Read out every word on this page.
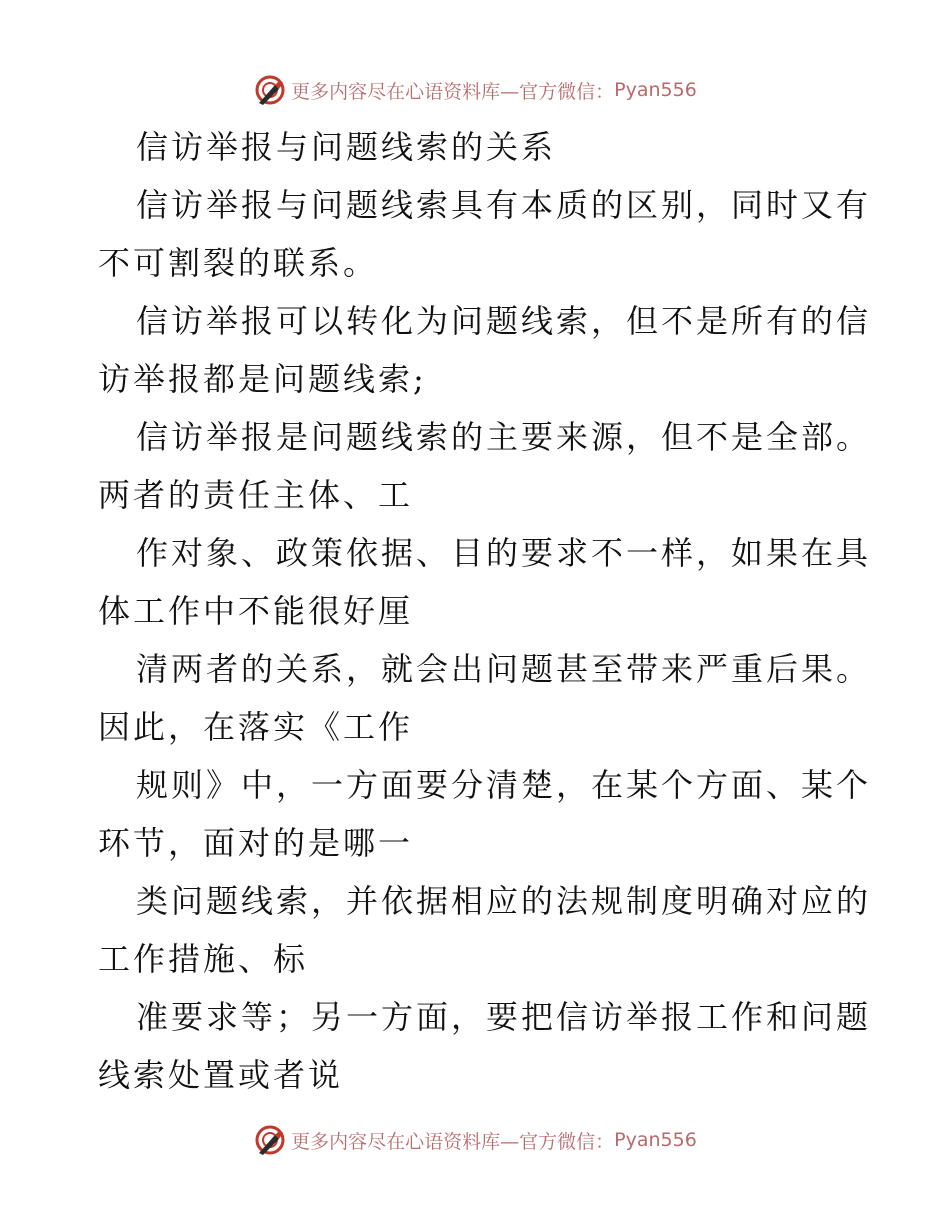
更多内容尽在心语资料库—官方微信： Pyan556
信访举报与问题线索的关系
信访举报与问题线索具有本质的区别，同时又有
不可割裂的联系。
信访举报可以转化为问题线索，但不是所有的信
访举报都是问题线索;
信访举报是问题线索的主要来源，但不是全部。
两者的责任主体、工
作对象、政策依据、目的要求不一样，如果在具
体工作中不能很好厘
清两者的关系，就会出问题甚至带来严重后果。
因此，在落实《工作
规则》中，一方面要分清楚，在某个方面、某个
环节，面对的是哪一
类问题线索，并依据相应的法规制度明确对应的
工作措施、标
准要求等；另一方面，要把信访举报工作和问题
线索处置或者说
更多内容尽在心语资料库—官方微信： Pyan556
